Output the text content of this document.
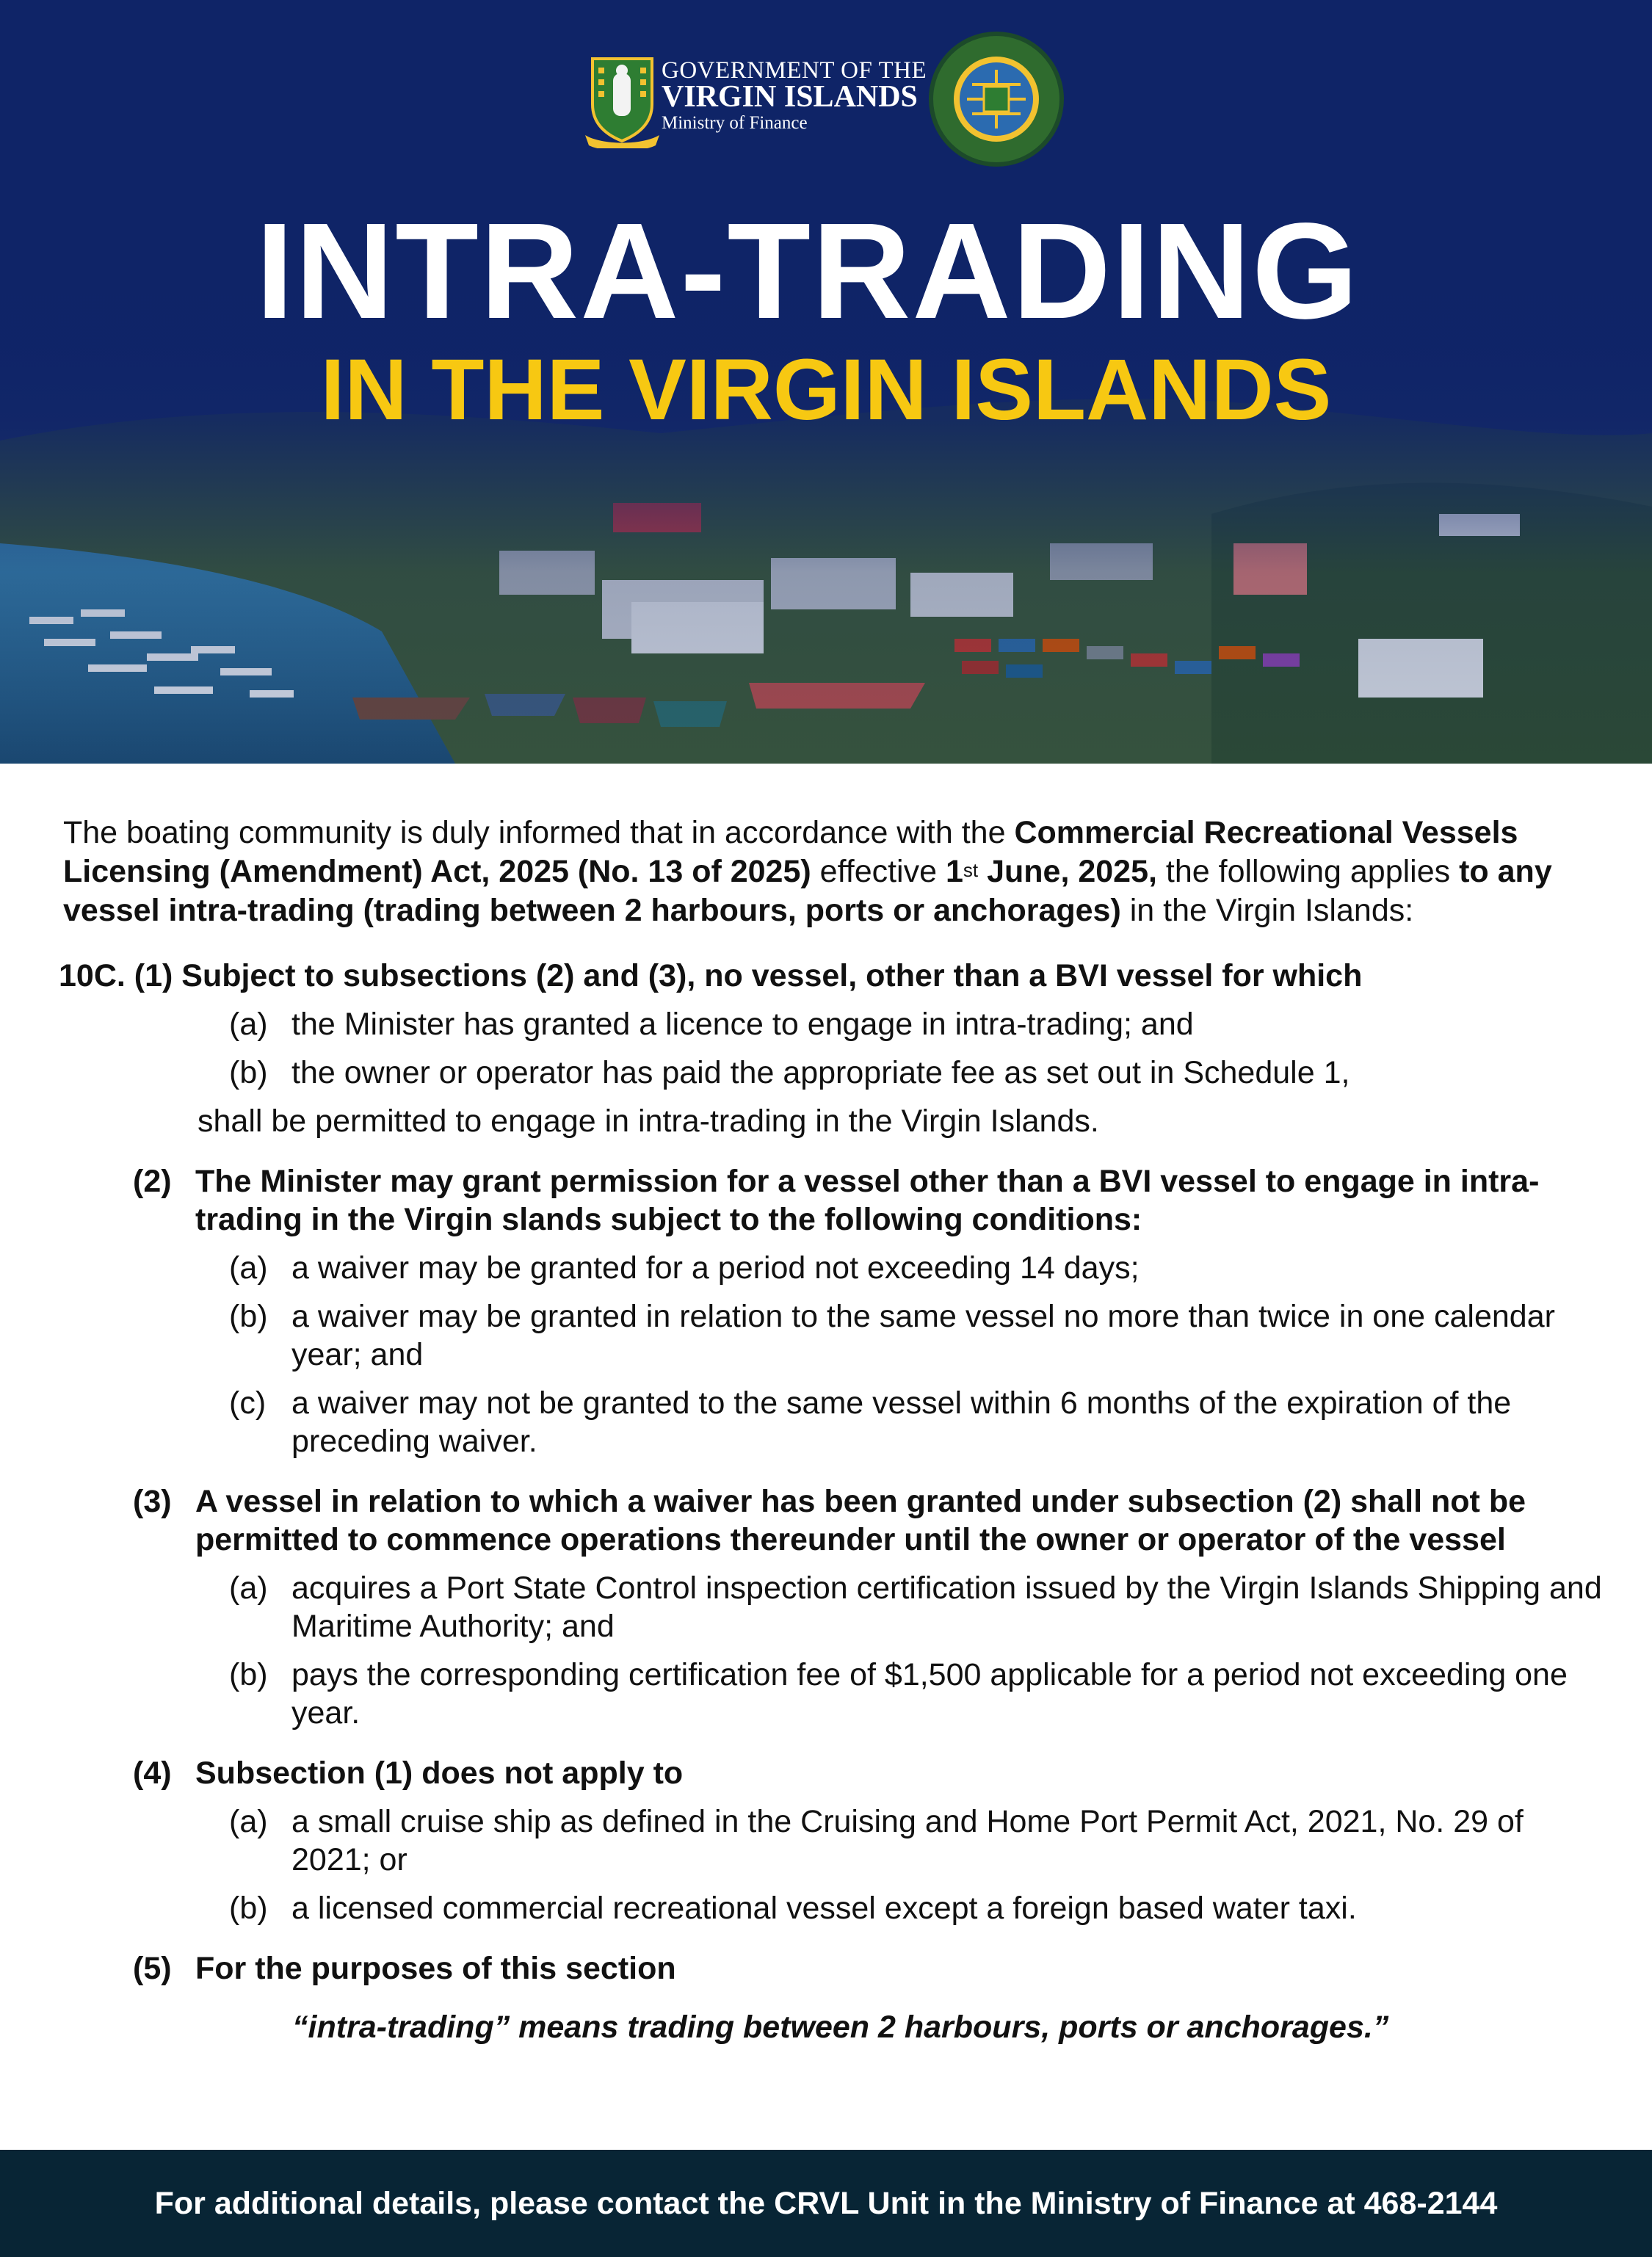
GOVERNMENT OF THE
VIRGIN ISLANDS
Ministry of Finance
INTRA-TRADING
IN THE VIRGIN ISLANDS

The boating community is duly informed that in accordance with the Commercial Recreational Vessels Licensing (Amendment) Act, 2025 (No. 13 of 2025) effective 1st June, 2025, the following applies to any vessel intra-trading (trading between 2 harbours, ports or anchorages) in the Virgin Islands:

10C. (1) Subject to subsections (2) and (3), no vessel, other than a BVI vessel for which
(a) the Minister has granted a licence to engage in intra-trading; and
(b) the owner or operator has paid the appropriate fee as set out in Schedule 1,
shall be permitted to engage in intra-trading in the Virgin Islands.
(2) The Minister may grant permission for a vessel other than a BVI vessel to engage in intra-trading in the Virgin slands subject to the following conditions:
(a) a waiver may be granted for a period not exceeding 14 days;
(b) a waiver may be granted in relation to the same vessel no more than twice in one calendar year; and
(c) a waiver may not be granted to the same vessel within 6 months of the expiration of the preceding waiver.
(3) A vessel in relation to which a waiver has been granted under subsection (2) shall not be permitted to commence operations thereunder until the owner or operator of the vessel
(a) acquires a Port State Control inspection certification issued by the Virgin Islands Shipping and Maritime Authority; and
(b) pays the corresponding certification fee of $1,500 applicable for a period not exceeding one year.
(4) Subsection (1) does not apply to
(a) a small cruise ship as defined in the Cruising and Home Port Permit Act, 2021, No. 29 of 2021; or
(b) a licensed commercial recreational vessel except a foreign based water taxi.
(5) For the purposes of this section
“intra-trading” means trading between 2 harbours, ports or anchorages.”
For additional details, please contact the CRVL Unit in the Ministry of Finance at 468-2144
